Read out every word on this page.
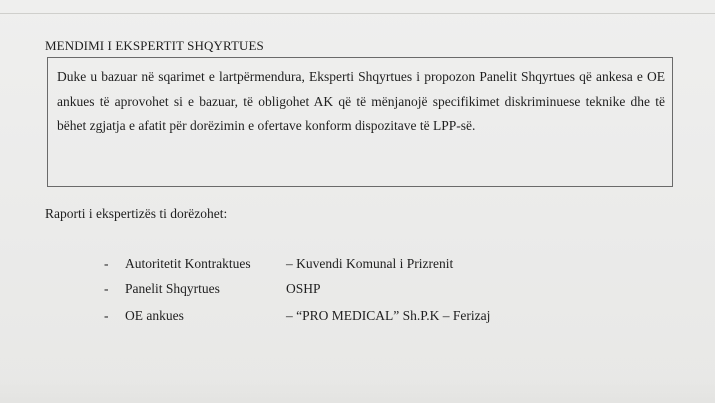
MENDIMI I EKSPERTIT SHQYRTUES
Duke u bazuar në sqarimet e lartpërmendura, Eksperti Shqyrtues i propozon Panelit Shqyrtues që ankesa e OE ankues të aprovohet si e bazuar, të obligohet AK që të mënjanojë specifikimet diskriminuese teknike dhe të bëhet zgjatja e afatit për dorëzimin e ofertave konform dispozitave të LPP-së.
Raporti i ekspertizës ti dorëzohet:
- Autoritetit Kontraktues	– Kuvendi Komunal i Prizrenit
- Panelit Shqyrtues	OSHP
- OE ankues	– “PRO MEDICAL” Sh.P.K – Ferizaj
